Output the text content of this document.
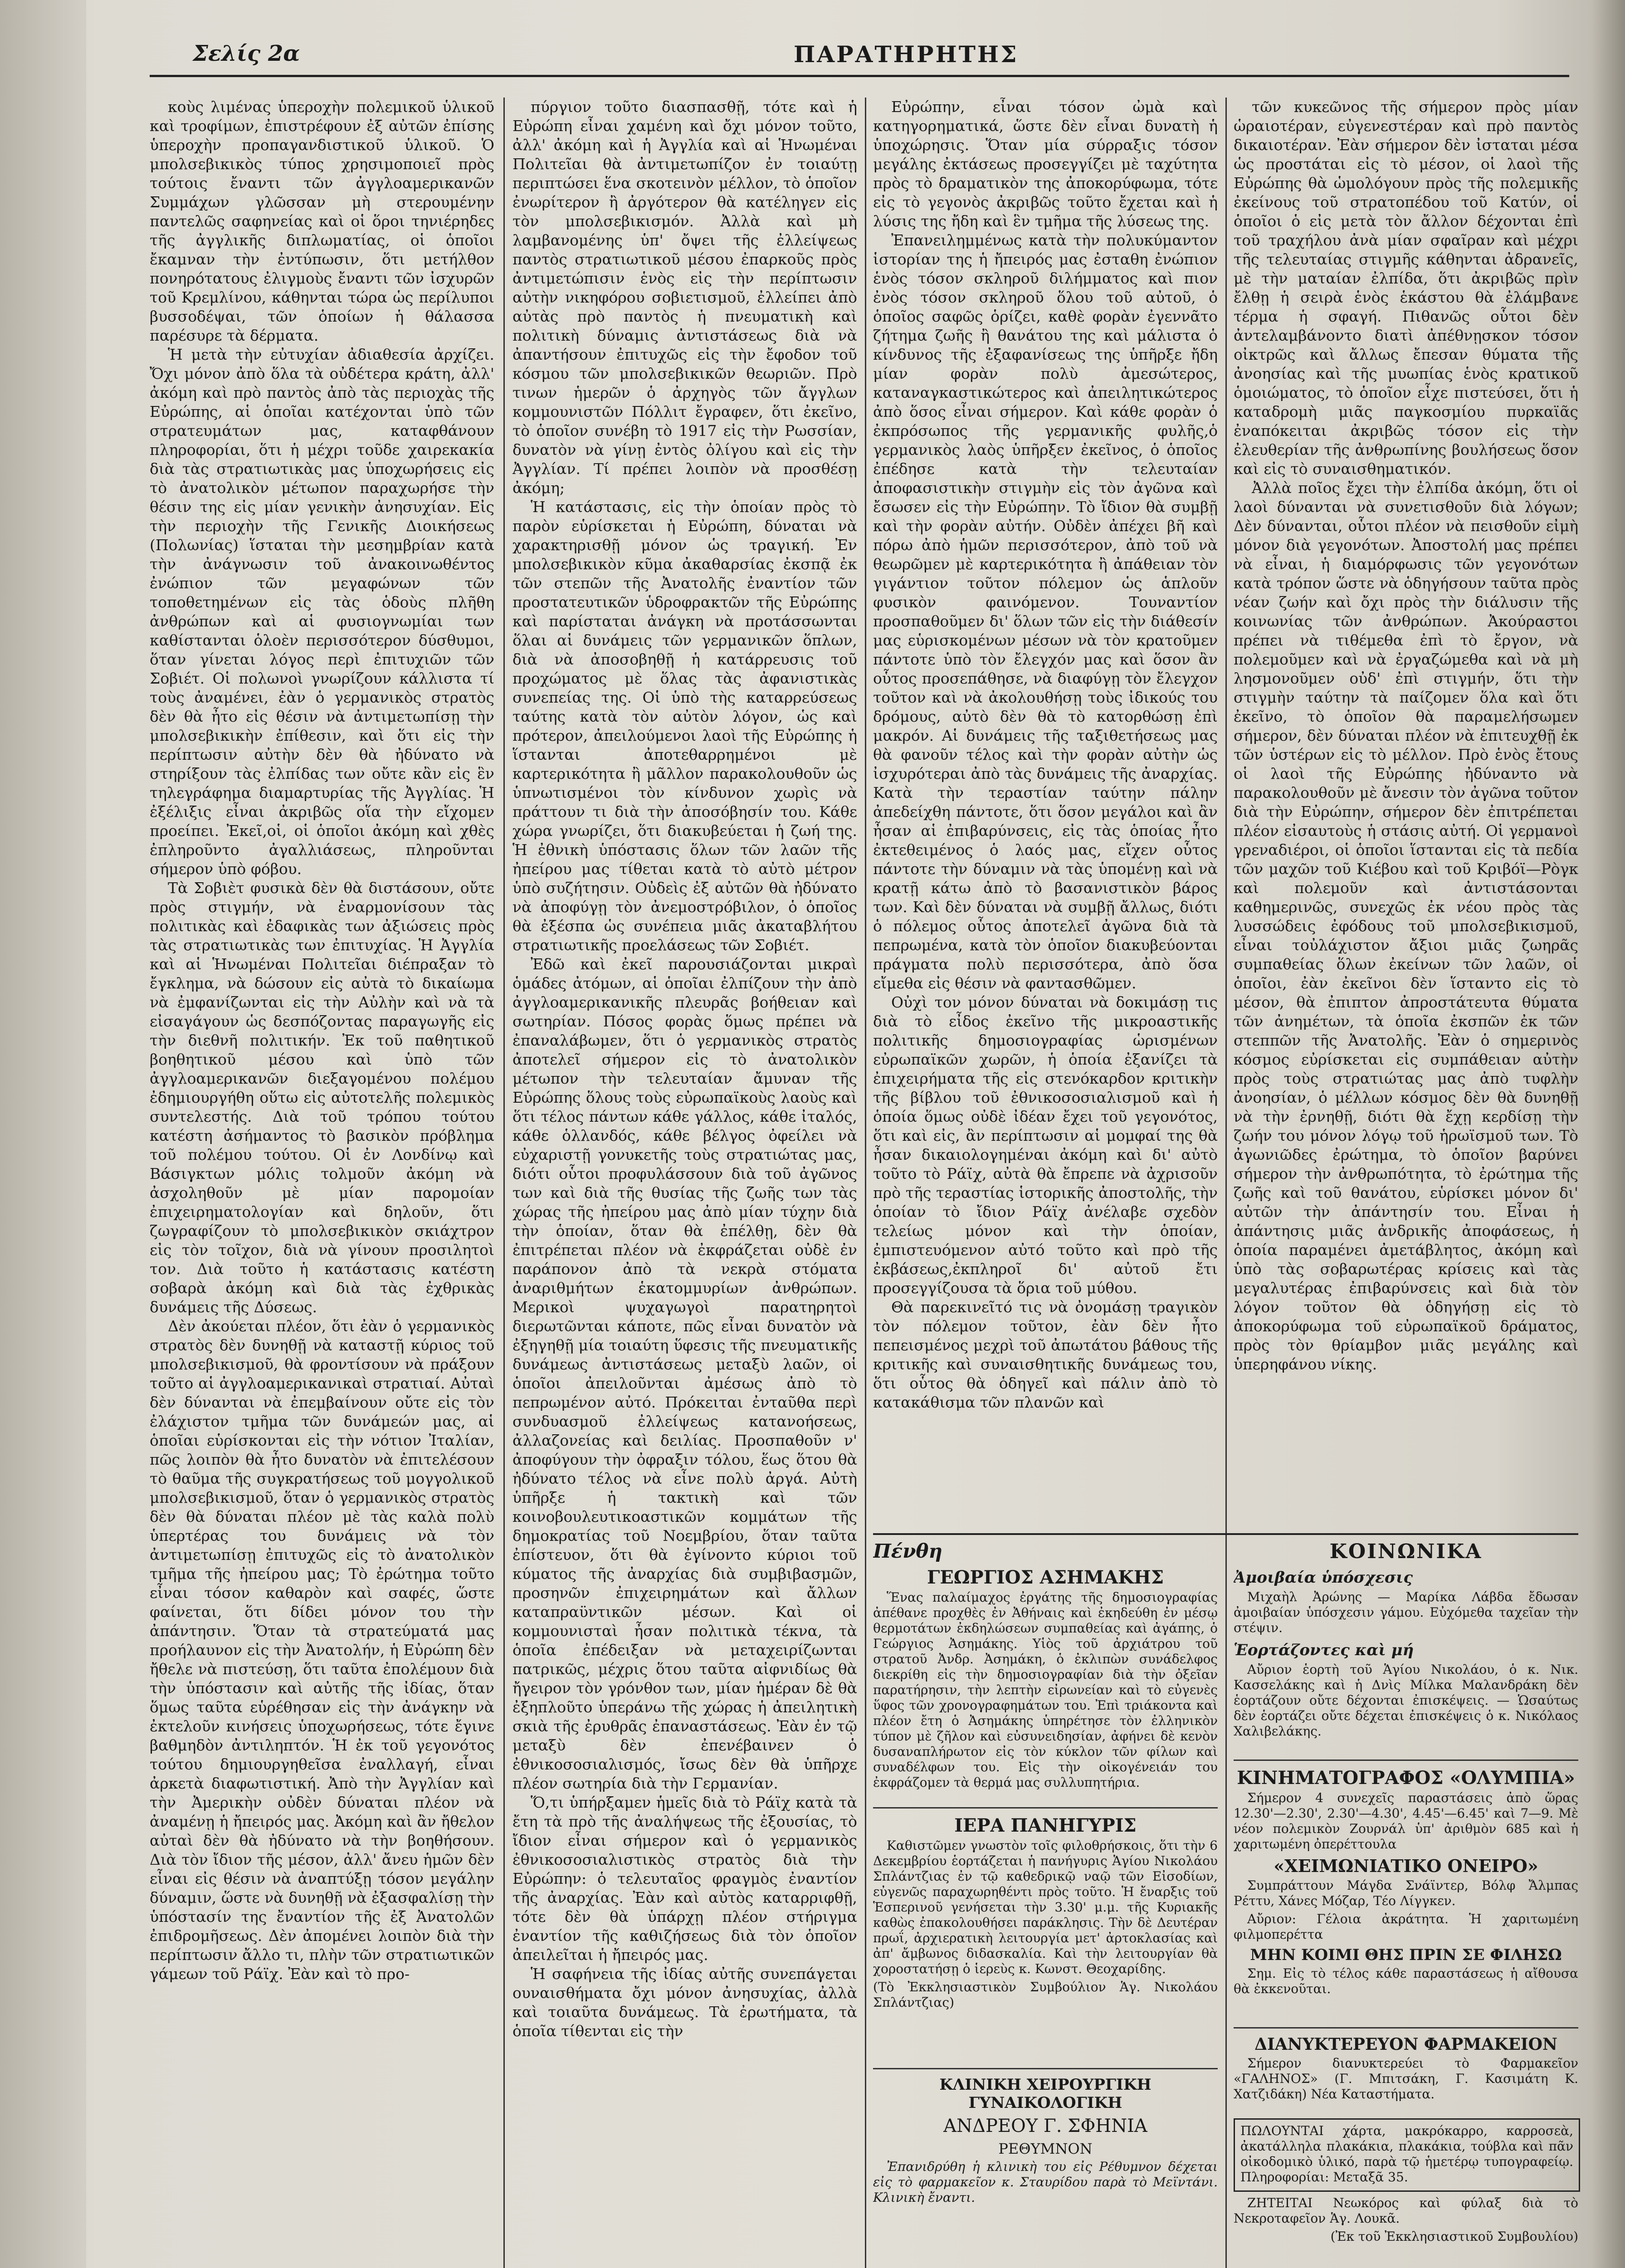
Σελίς 2α	ΠΑΡΑΤΗΡΗΤΗΣ

κοὺς λιμένας ὑπεροχὴν πολεμικοῦ ὑλικοῦ καὶ τροφίμων, ἐπιστρέφουν ἐξ αὐτῶν ἐπίσης ὑπεροχὴν προπαγανδιστικοῦ ὑλικοῦ. Ὁ μπολσεβικικὸς τύπος χρησιμοποιεῖ πρὸς τούτοις ἔναντι τῶν ἀγγλοαμερικανῶν Συμμάχων γλῶσσαν μὴ στερουμένην παντελῶς σαφηνείας καὶ οἱ ὅροι τηνιέρηδες τῆς ἀγγλικῆς διπλωματίας, οἱ ὁποῖοι ἔκαμναν τὴν ἐντύπωσιν, ὅτι μετήλθον πονηρότατους ἐλιγμοὺς ἔναντι τῶν ἰσχυρῶν τοῦ Κρεμλίνου, κάθηνται τώρα ὡς περίλυποι βυσσοδέψαι, τῶν ὁποίων ἡ θάλασσα παρέσυρε τὰ δέρματα.

Ἡ μετὰ τὴν εὐτυχίαν ἀδιαθεσία ἀρχίζει. Ὄχι μόνον ἀπὸ ὅλα τὰ οὐδέτερα κράτη, ἀλλ' ἀκόμη καὶ πρὸ παντὸς ἀπὸ τὰς περιοχὰς τῆς Εὐρώπης, αἱ ὁποῖαι κατέχονται ὑπὸ τῶν στρατευμάτων μας, καταφθάνουν πληροφορίαι, ὅτι ἡ μέχρι τοῦδε χαιρεκακία διὰ τὰς στρατιωτικὰς μας ὑποχωρήσεις εἰς τὸ ἀνατολικὸν μέτωπον παραχωρήσε τὴν θέσιν της εἰς μίαν γενικὴν ἀνησυχίαν. Εἰς τὴν περιοχὴν τῆς Γενικῆς Διοικήσεως (Πολωνίας) ἵσταται τὴν μεσημβρίαν κατὰ τὴν ἀνάγνωσιν τοῦ ἀνακοινωθέντος ἐνώπιον τῶν μεγαφώνων τῶν τοποθετημένων εἰς τὰς ὁδοὺς πλῆθη ἀνθρώπων καὶ αἱ φυσιογνωμίαι των καθίστανται ὁλοὲν περισσότερον δύσθυμοι, ὅταν γίνεται λόγος περὶ ἐπιτυχιῶν τῶν Σοβιέτ. Οἱ πολωνοὶ γνωρίζουν κάλλιστα τί τοὺς ἀναμένει, ἐὰν ὁ γερμανικὸς στρατὸς δὲν θὰ ἦτο εἰς θέσιν νὰ ἀντιμετωπίσῃ τὴν μπολσεβικικὴν ἐπίθεσιν, καὶ ὅτι εἰς τὴν περίπτωσιν αὐτὴν δὲν θὰ ἠδύνατο νὰ στηρίξουν τὰς ἐλπίδας των οὔτε κἂν εἰς ἓν τηλεγράφημα διαμαρτυρίας τῆς Ἀγγλίας. Ἡ ἐξέλιξις εἶναι ἀκριβῶς οἵα τὴν εἴχομεν προείπει. Ἐκεῖ,οἱ, οἱ ὁποῖοι ἀκόμη καὶ χθὲς ἐπληροῦντο ἀγαλλιάσεως, πληροῦνται σήμερον ὑπὸ φόβου.

Τὰ Σοβιὲτ φυσικὰ δὲν θὰ διστάσουν, οὔτε πρὸς στιγμήν, νὰ ἐναρμονίσουν τὰς πολιτικὰς καὶ ἐδαφικὰς των ἀξιώσεις πρὸς τὰς στρατιωτικὰς των ἐπιτυχίας. Ἡ Ἀγγλία καὶ αἱ Ἡνωμέναι Πολιτεῖαι διέπραξαν τὸ ἔγκλημα, νὰ δώσουν εἰς αὐτὰ τὸ δικαίωμα νὰ ἐμφανίζωνται εἰς τὴν Αὐλὴν καὶ νὰ τὰ εἰσαγάγουν ὡς δεσπόζοντας παραγωγῆς εἰς τὴν διεθνῆ πολιτικήν. Ἐκ τοῦ παθητικοῦ βοηθητικοῦ μέσου καὶ ὑπὸ τῶν ἀγγλοαμερικανῶν διεξαγομένου πολέμου ἐδημιουργήθη οὕτω εἰς αὐτοτελῆς πολεμικὸς συντελεστής. Διὰ τοῦ τρόπου τούτου κατέστη ἀσήμαντος τὸ βασικὸν πρόβλημα τοῦ πολέμου τούτου. Οἱ ἐν Λονδίνῳ καὶ Βάσιγκτων μόλις τολμοῦν ἀκόμη νὰ ἀσχοληθοῦν μὲ μίαν παρομοίαν ἐπιχειρηματολογίαν καὶ δηλοῦν, ὅτι ζωγραφίζουν τὸ μπολσεβικικὸν σκιάχτρον εἰς τὸν τοῖχον, διὰ νὰ γίνουν προσιλητοὶ τον. Διὰ τοῦτο ἡ κατάστασις κατέστη σοβαρὰ ἀκόμη καὶ διὰ τὰς ἐχθρικὰς δυνάμεις τῆς Δύσεως.

Δὲν ἀκούεται πλέον, ὅτι ἐὰν ὁ γερμανικὸς στρατὸς δὲν δυνηθῇ νὰ καταστῇ κύριος τοῦ μπολσεβικισμοῦ, θὰ φροντίσουν νὰ πράξουν τοῦτο αἱ ἀγγλοαμερικανικαὶ στρατιαί. Αὐταὶ δὲν δύνανται νὰ ἐπεμβαίνουν οὔτε εἰς τὸν ἐλάχιστον τμῆμα τῶν δυνάμεών μας, αἱ ὁποῖαι εὑρίσκονται εἰς τὴν νότιον Ἰταλίαν, πῶς λοιπὸν θὰ ἦτο δυνατὸν νὰ ἐπιτελέσουν τὸ θαῦμα τῆς συγκρατήσεως τοῦ μογγολικοῦ μπολσεβικισμοῦ, ὅταν ὁ γερμανικὸς στρατὸς δὲν θὰ δύναται πλέον μὲ τὰς καλὰ πολὺ ὑπερτέρας του δυνάμεις νὰ τὸν ἀντιμετωπίσῃ ἐπιτυχῶς εἰς τὸ ἀνατολικὸν τμῆμα τῆς ἠπείρου μας; Τὸ ἐρώτημα τοῦτο εἶναι τόσον καθαρὸν καὶ σαφές, ὥστε φαίνεται, ὅτι δίδει μόνον του τὴν ἀπάντησιν. Ὅταν τὰ στρατεύματά μας προήλαυνον εἰς τὴν Ἀνατολήν, ἡ Εὐρώπη δὲν ἤθελε νὰ πιστεύσῃ, ὅτι ταῦτα ἐπολέμουν διὰ τὴν ὑπόστασιν καὶ αὐτῆς τῆς ἰδίας, ὅταν ὅμως ταῦτα εὑρέθησαν εἰς τὴν ἀνάγκην νὰ ἐκτελοῦν κινήσεις ὑποχωρήσεως, τότε ἔγινε βαθμηδὸν ἀντιληπτόν. Ἡ ἐκ τοῦ γεγονότος τούτου δημιουργηθεῖσα ἐναλλαγή, εἶναι ἀρκετὰ διαφωτιστική. Ἀπὸ τὴν Ἀγγλίαν καὶ τὴν Ἀμερικὴν οὐδὲν δύναται πλέον νὰ ἀναμένῃ ἡ ἤπειρός μας. Ἀκόμη καὶ ἂν ἤθελον αὐταὶ δὲν θὰ ἠδύνατο νὰ τὴν βοηθήσουν. Διὰ τὸν ἴδιον τῆς μέσον, ἀλλ' ἄνευ ἡμῶν δὲν εἶναι εἰς θέσιν νὰ ἀναπτύξῃ τόσον μεγάλην δύναμιν, ὥστε νὰ δυνηθῇ νὰ ἐξασφαλίσῃ τὴν ὑπόστασίν της ἔναντίον τῆς ἐξ Ἀνατολῶν ἐπιδρομῆσεως. Δὲν ἀπομένει λοιπὸν διὰ τὴν περίπτωσιν ἄλλο τι, πλὴν τῶν στρατιωτικῶν γάμεων τοῦ Ράϊχ. Ἐὰν καὶ τὸ προ-

πύργιον τοῦτο διασπασθῇ, τότε καὶ ἡ Εὐρώπη εἶναι χαμένη καὶ ὄχι μόνον τοῦτο, ἀλλ' ἀκόμη καὶ ἡ Ἀγγλία καὶ αἱ Ἡνωμέναι Πολιτεῖαι θὰ ἀντιμετωπίζον ἐν τοιαύτῃ περιπτώσει ἕνα σκοτεινὸν μέλλον, τὸ ὁποῖον ἐνωρίτερον ἢ ἀργότερον θὰ κατέληγεν εἰς τὸν μπολσεβικισμόν. Ἀλλὰ καὶ μὴ λαμβανομένης ὑπ' ὄψει τῆς ἐλλείψεως παντὸς στρατιωτικοῦ μέσου ἐπαρκοῦς πρὸς ἀντιμετώπισιν ἑνὸς εἰς τὴν περίπτωσιν αὐτὴν νικηφόρου σοβιετισμοῦ, ἐλλείπει ἀπὸ αὐτὰς πρὸ παντὸς ἡ πνευματικὴ καὶ πολιτικὴ δύναμις ἀντιστάσεως διὰ νὰ ἀπαντήσουν ἐπιτυχῶς εἰς τὴν ἔφοδον τοῦ κόσμου τῶν μπολσεβικικῶν θεωριῶν. Πρὸ τινων ἡμερῶν ὁ ἀρχηγὸς τῶν ἄγγλων κομμουνιστῶν Πόλλιτ ἔγραφεν, ὅτι ἐκεῖνο, τὸ ὁποῖον συνέβη τὸ 1917 εἰς τὴν Ρωσσίαν, δυνατὸν νὰ γίνῃ ἐντὸς ὀλίγου καὶ εἰς τὴν Ἀγγλίαν. Τί πρέπει λοιπὸν νὰ προσθέσῃ ἀκόμη;

Ἡ κατάστασις, εἰς τὴν ὁποίαν πρὸς τὸ παρὸν εὑρίσκεται ἡ Εὐρώπη, δύναται νὰ χαρακτηρισθῇ μόνον ὡς τραγική. Ἐν μπολσεβικικὸν κῦμα ἀκαθαρσίας ἐκσπᾷ ἐκ τῶν στεπῶν τῆς Ἀνατολῆς ἐναντίον τῶν προστατευτικῶν ὑδροφρακτῶν τῆς Εὐρώπης καὶ παρίσταται ἀνάγκη νὰ προτάσσωνται ὅλαι αἱ δυνάμεις τῶν γερμανικῶν ὅπλων, διὰ νὰ ἀποσοβηθῇ ἡ κατάρρευσις τοῦ προχώματος μὲ ὅλας τὰς ἀφανιστικὰς συνεπείας της. Οἱ ὑπὸ τὴς καταρρεύσεως ταύτης κατὰ τὸν αὐτὸν λόγον, ὡς καὶ πρότερον, ἀπειλούμενοι λαοὶ τῆς Εὐρώπης ἡ ἵστανται ἀποτεθαρρημένοι μὲ καρτερικότητα ἢ μᾶλλον παρακολουθοῦν ὡς ὑπνωτισμένοι τὸν κίνδυνον χωρὶς νὰ πράττουν τι διὰ τὴν ἀποσόβησίν του. Κάθε χώρα γνωρίζει, ὅτι διακυβεύεται ἡ ζωή της. Ἡ ἐθνικὴ ὑπόστασις ὅλων τῶν λαῶν τῆς ἠπείρου μας τίθεται κατὰ τὸ αὐτὸ μέτρον ὑπὸ συζήτησιν. Οὐδεὶς ἐξ αὐτῶν θὰ ἠδύνατο νὰ ἀποφύγῃ τὸν ἀνεμοστρόβιλον, ὁ ὁποῖος θὰ ἐξέσπα ὡς συνέπεια μιᾶς ἀκαταβλήτου στρατιωτικῆς προελάσεως τῶν Σοβιέτ.

Ἐδῶ καὶ ἐκεῖ παρουσιάζονται μικραὶ ὁμάδες ἀτόμων, αἱ ὁποῖαι ἐλπίζουν τὴν ἀπὸ ἀγγλοαμερικανικῆς πλευρᾶς βοήθειαν καὶ σωτηρίαν. Πόσος φορὰς ὅμως πρέπει νὰ ἐπαναλάβωμεν, ὅτι ὁ γερμανικὸς στρατὸς ἀποτελεῖ σήμερον εἰς τὸ ἀνατολικὸν μέτωπον τὴν τελευταίαν ἄμυναν τῆς Εὐρώπης ὅλους τοὺς εὐρωπαϊκοὺς λαοὺς καὶ ὅτι τέλος πάντων κάθε γάλλος, κάθε ἰταλός, κάθε ὁλλανδός, κάθε βέλγος ὀφείλει νὰ εὐχαριστῇ γονυκετῆς τοὺς στρατιώτας μας, διότι οὗτοι προφυλάσσουν διὰ τοῦ ἀγῶνος των καὶ διὰ τῆς θυσίας τῆς ζωῆς των τὰς χώρας τῆς ἠπείρου μας ἀπὸ μίαν τύχην διὰ τὴν ὁποίαν, ὅταν θὰ ἐπέλθῃ, δὲν θὰ ἐπιτρέπεται πλέον νὰ ἐκφράζεται οὐδὲ ἐν παράπονον ἀπὸ τὰ νεκρὰ στόματα ἀναριθμήτων ἑκατομμυρίων ἀνθρώπων. Μερικοὶ ψυχαγωγοὶ παρατηρητοὶ διερωτῶνται κάποτε, πῶς εἶναι δυνατὸν νὰ ἐξηγηθῇ μία τοιαύτη ὕφεσις τῆς πνευματικῆς δυνάμεως ἀντιστάσεως μεταξὺ λαῶν, οἱ ὁποῖοι ἀπειλοῦνται ἀμέσως ἀπὸ τὸ πεπρωμένον αὐτό. Πρόκειται ἐνταῦθα περὶ συνδυασμοῦ ἐλλείψεως κατανοήσεως, ἀλλαζονείας καὶ δειλίας. Προσπαθοῦν ν' ἀποφύγουν τὴν ὀφραξιν τόλου, ἕως ὅτου θὰ ἠδύνατο τέλος νὰ εἶνε πολὺ ἀργά. Αὐτὴ ὑπῆρξε ἡ τακτικὴ καὶ τῶν κοινοβουλευτικοαστικῶν κομμάτων τῆς δημοκρατίας τοῦ Νοεμβρίου, ὅταν ταῦτα ἐπίστευον, ὅτι θὰ ἐγίνοντο κύριοι τοῦ κύματος τῆς ἀναρχίας διὰ συμβιβασμῶν, προσηνῶν ἐπιχειρημάτων καὶ ἄλλων καταπραϋντικῶν μέσων. Καὶ οἱ κομμουνισταὶ ἦσαν πολιτικὰ τέκνα, τὰ ὁποῖα ἐπέδειξαν νὰ μεταχειρίζωνται πατρικῶς, μέχρις ὅτου ταῦτα αἰφνιδίως θὰ ἤγειρον τὸν γρόνθον των, μίαν ἡμέραν δὲ θὰ ἐξηπλοῦτο ὑπεράνω τῆς χώρας ἡ ἀπειλητικὴ σκιὰ τῆς ἐρυθρᾶς ἐπαναστάσεως. Ἐὰν ἐν τῷ μεταξὺ δὲν ἐπενέβαινεν ὁ ἐθνικοσοσιαλισμός, ἴσως δὲν θὰ ὑπῆρχε πλέον σωτηρία διὰ τὴν Γερμανίαν.

Ὅ,τι ὑπήρξαμεν ἡμεῖς διὰ τὸ Ράϊχ κατὰ τὰ ἔτη τὰ πρὸ τῆς ἀναλήψεως τῆς ἐξουσίας, τὸ ἴδιον εἶναι σήμερον καὶ ὁ γερμανικὸς ἐθνικοσοσιαλιστικὸς στρατὸς διὰ τὴν Εὐρώπην: ὁ τελευταῖος φραγμὸς ἐναντίον τῆς ἀναρχίας. Ἐὰν καὶ αὐτὸς καταρριφθῇ, τότε δὲν θὰ ὑπάρχῃ πλέον στήριγμα ἐναντίον τῆς καθιζήσεως διὰ τὸν ὁποῖον ἀπειλεῖται ἡ ἤπειρός μας.

Ἡ σαφήνεια τῆς ἰδίας αὐτῆς συνεπάγεται ουναισθήματα ὄχι μόνον ἀνησυχίας, ἀλλὰ καὶ τοιαῦτα δυνάμεως. Τὰ ἐρωτήματα, τὰ ὁποῖα τίθενται εἰς τὴν

Εὐρώπην, εἶναι τόσον ὠμὰ καὶ κατηγορηματικά, ὥστε δὲν εἶναι δυνατὴ ἡ ὑποχώρησις. Ὅταν μία σύρραξις τόσον μεγάλης ἐκτάσεως προσεγγίζει μὲ ταχύτητα πρὸς τὸ δραματικὸν της ἀποκορύφωμα, τότε εἰς τὸ γεγονὸς ἀκριβῶς τοῦτο ἔχεται καὶ ἡ λύσις της ἤδη καὶ ἓν τμῆμα τῆς λύσεως της.

Ἐπανειλημμένως κατὰ τὴν πολυκύμαντον ἱστορίαν της ἡ ἤπειρός μας ἐσταθη ἐνώπιον ἑνὸς τόσον σκληροῦ διλήμματος καὶ πιον ἐνὸς τόσον σκληροῦ ὅλου τοῦ αὐτοῦ, ὁ ὁποῖος σαφῶς ὁρίζει, καθὲ φορὰν ἐγεννᾶτο ζήτημα ζωῆς ἢ θανάτου της καὶ μάλιστα ὁ κίνδυνος τῆς ἐξαφανίσεως της ὑπῆρξε ἤδη μίαν φορὰν πολὺ ἀμεσώτερος, καταναγκαστικώτερος καὶ ἀπειλητικώτερος ἀπὸ ὅσος εἶναι σήμερον. Καὶ κάθε φορὰν ὁ ἐκπρόσωπος τῆς γερμανικῆς φυλῆς,ὁ γερμανικὸς λαὸς ὑπῆρξεν ἐκεῖνος, ὁ ὁποῖος ἐπέδησε κατὰ τὴν τελευταίαν ἀποφασιστικὴν στιγμὴν εἰς τὸν ἀγῶνα καὶ ἔσωσεν εἰς τὴν Εὐρώπην. Τὸ ἴδιον θὰ συμβῇ καὶ τὴν φορὰν αὐτήν. Οὐδὲν ἀπέχει βῆ καὶ πόρω ἀπὸ ἡμῶν περισσότερον, ἀπὸ τοῦ νὰ θεωρῶμεν μὲ καρτερικότητα ἢ ἀπάθειαν τὸν γιγάντιον τοῦτον πόλεμον ὡς ἁπλοῦν φυσικὸν φαινόμενον. Τουναντίον προσπαθοῦμεν δι' ὅλων τῶν εἰς τὴν διάθεσίν μας εὑρισκομένων μέσων νὰ τὸν κρατοῦμεν πάντοτε ὑπὸ τὸν ἔλεγχόν μας καὶ ὅσον ἂν οὗτος προσεπάθησε, νὰ διαφύγῃ τὸν ἔλεγχον τοῦτον καὶ νὰ ἀκολουθήσῃ τοὺς ἰδικούς του δρόμους, αὐτὸ δὲν θὰ τὸ κατορθώσῃ ἐπὶ μακρόν. Αἱ δυνάμεις τῆς ταξιθετήσεως μας θὰ φανοῦν τέλος καὶ τὴν φορὰν αὐτὴν ὡς ἰσχυρότεραι ἀπὸ τὰς δυνάμεις τῆς ἀναρχίας. Κατὰ τὴν τεραστίαν ταύτην πάλην ἀπεδείχθη πάντοτε, ὅτι ὅσον μεγάλοι καὶ ἂν ἦσαν αἱ ἐπιβαρύνσεις, εἰς τὰς ὁποίας ἦτο ἐκτεθειμένος ὁ λαός μας, εἴχεν οὗτος πάντοτε τὴν δύναμιν νὰ τὰς ὑπομένῃ καὶ νὰ κρατῇ κάτω ἀπὸ τὸ βασανιστικὸν βάρος των. Καὶ δὲν δύναται νὰ συμβῇ ἄλλως, διότι ὁ πόλεμος οὗτος ἀποτελεῖ ἀγῶνα διὰ τὰ πεπρωμένα, κατὰ τὸν ὁποῖον διακυβεύονται πράγματα πολὺ περισσότερα, ἀπὸ ὅσα εἴμεθα εἰς θέσιν νὰ φαντασθῶμεν.

Οὐχὶ τον μόνον δύναται νὰ δοκιμάσῃ τις διὰ τὸ εἶδος ἐκεῖνο τῆς μικροαστικῆς πολιτικῆς δημοσιογραφίας ὡρισμένων εὐρωπαϊκῶν χωρῶν, ἡ ὁποία ἐξανίζει τὰ ἐπιχειρήματα τῆς εἰς στενόκαρδον κριτικὴν τῆς βίβλου τοῦ ἐθνικοσοσιαλισμοῦ καὶ ἡ ὁποία ὅμως οὐδὲ ἰδέαν ἔχει τοῦ γεγονότος, ὅτι καὶ εἰς, ἂν περίπτωσιν αἱ μομφαί της θὰ ἦσαν δικαιολογημέναι ἀκόμη καὶ δι' αὐτὸ τοῦτο τὸ Ράϊχ, αὐτὰ θὰ ἔπρεπε νὰ ἀχρισοῦν πρὸ τῆς τεραστίας ἱστορικῆς ἀποστολῆς, τὴν ὁποίαν τὸ ἴδιον Ράϊχ ἀνέλαβε σχεδὸν τελείως μόνον καὶ τὴν ὁποίαν, ἐμπιστευόμενον αὐτό τοῦτο καὶ πρὸ τῆς ἐκβάσεως,ἐκπληροῖ δι' αὐτοῦ ἔτι προσεγγίζουσα τὰ ὅρια τοῦ μύθου.

Θὰ παρεκινεῖτό τις νὰ ὀνομάσῃ τραγικὸν τὸν πόλεμον τοῦτον, ἐὰν δὲν ἦτο πεπεισμένος μεχρὶ τοῦ ἀπωτάτου βάθους τῆς κριτικῆς καὶ συναισθητικῆς δυνάμεως του, ὅτι οὗτος θὰ ὁδηγεῖ καὶ πάλιν ἀπὸ τὸ κατακάθισμα τῶν πλανῶν καὶ

τῶν κυκεῶνος τῆς σήμερον πρὸς μίαν ὡραιοτέραν, εὐγενεστέραν καὶ πρὸ παντὸς δικαιοτέραν. Ἐὰν σήμερον δὲν ἰσταται μέσα ὡς προστάται εἰς τὸ μέσον, οἱ λαοὶ τῆς Εὐρώπης θὰ ὡμολόγουν πρὸς τῆς πολεμικῆς ἐκείνους τοῦ στρατοπέδου τοῦ Κατύν, οἱ ὁποῖοι ὁ εἰς μετὰ τὸν ἄλλον δέχονται ἐπὶ τοῦ τραχήλου ἀνὰ μίαν σφαῖραν καὶ μέχρι τῆς τελευταίας στιγμῆς κάθηνται ἀδρανεῖς, μὲ τὴν ματαίαν ἐλπίδα, ὅτι ἀκριβῶς πρὶν ἔλθῃ ἡ σειρὰ ἑνὸς ἑκάστου θὰ ἐλάμβανε τέρμα ἡ σφαγή. Πιθανῶς οὗτοι δὲν ἀντελαμβάνοντο διατὶ ἀπέθνῃσκον τόσον οἰκτρῶς καὶ ἄλλως ἔπεσαν θύματα τῆς ἀνοησίας καὶ τῆς μυωπίας ἑνὸς κρατικοῦ ὁμοιώματος, τὸ ὁποῖον εἶχε πιστεύσει, ὅτι ἡ καταδρομὴ μιᾶς παγκοσμίου πυρκαϊᾶς ἐναπόκειται ἀκριβῶς τόσον εἰς τὴν ἐλευθερίαν τῆς ἀνθρωπίνης βουλήσεως ὅσον καὶ εἰς τὸ συναισθηματικόν.

Ἀλλὰ ποῖος ἔχει τὴν ἐλπίδα ἀκόμη, ὅτι οἱ λαοὶ δύνανται νὰ συνετισθοῦν διὰ λόγων; Δὲν δύνανται, οὗτοι πλέον νὰ πεισθοῦν εἰμὴ μόνον διὰ γεγονότων. Ἀποστολή μας πρέπει νὰ εἶναι, ἡ διαμόρφωσις τῶν γεγονότων κατὰ τρόπον ὥστε νὰ ὁδηγήσουν ταῦτα πρὸς νέαν ζωήν καὶ ὄχι πρὸς τὴν διάλυσιν τῆς κοινωνίας τῶν ἀνθρώπων. Ἀκούραστοι πρέπει νὰ τιθέμεθα ἐπὶ τὸ ἔργον, νὰ πολεμοῦμεν καὶ νὰ ἐργαζώμεθα καὶ νὰ μὴ λησμονοῦμεν οὐδ' ἐπὶ στιγμήν, ὅτι τὴν στιγμὴν ταύτην τὰ παίζομεν ὅλα καὶ ὅτι ἐκεῖνο, τὸ ὁποῖον θὰ παραμελήσωμεν σήμερον, δὲν δύναται πλέον νὰ ἐπιτευχθῇ ἐκ τῶν ὑστέρων εἰς τὸ μέλλον. Πρὸ ἑνὸς ἔτους οἱ λαοὶ τῆς Εὐρώπης ἠδύναντο νὰ παρακολουθοῦν μὲ ἄνεσιν τὸν ἀγῶνα τοῦτον διὰ τὴν Εὐρώπην, σήμερον δὲν ἐπιτρέπεται πλέον εἰσαυτοὺς ἡ στάσις αὐτή. Οἱ γερμανοὶ γρεναδιέροι, οἱ ὁποῖοι ἵστανται εἰς τὰ πεδία τῶν μαχῶν τοῦ Κιέβου καὶ τοῦ Κριβόϊ—Ρὸγκ καὶ πολεμοῦν καὶ ἀντιστάσονται καθημερινῶς, συνεχῶς ἐκ νέου πρὸς τὰς λυσσώδεις ἐφόδους τοῦ μπολσεβικισμοῦ, εἶναι τοὐλάχιστον ἄξιοι μιᾶς ζωηρᾶς συμπαθείας ὅλων ἐκείνων τῶν λαῶν, οἱ ὁποῖοι, ἐὰν ἐκεῖνοι δὲν ἵσταντο εἰς τὸ μέσον, θὰ ἐπιπτον ἀπροστάτευτα θύματα τῶν ἀνημέτων, τὰ ὁποῖα ἐκσπῶν ἐκ τῶν στεππῶν τῆς Ἀνατολῆς. Ἐὰν ὁ σημερινὸς κόσμος εὐρίσκεται εἰς συμπάθειαν αὐτὴν πρὸς τοὺς στρατιώτας μας ἀπὸ τυφλὴν ἀνοησίαν, ὁ μέλλων κόσμος δὲν θὰ δυνηθῇ νὰ τὴν ἐρνηθῇ, διότι θὰ ἔχῃ κερδίσῃ τὴν ζωήν του μόνον λόγῳ τοῦ ἡρωϊσμοῦ των. Τὸ ἀγωνιῶδες ἐρώτημα, τὸ ὁποῖον βαρύνει σήμερον τὴν ἀνθρωπότητα, τὸ ἐρώτημα τῆς ζωῆς καὶ τοῦ θανάτου, εὑρίσκει μόνον δι' αὐτῶν τὴν ἀπάντησίν του. Εἶναι ἡ ἀπάντησις μιᾶς ἀνδρικῆς ἀποφάσεως, ἡ ὁποία παραμένει ἀμετάβλητος, ἀκόμη καὶ ὑπὸ τὰς σοβαρωτέρας κρίσεις καὶ τὰς μεγαλυτέρας ἐπιβαρύνσεις καὶ διὰ τὸν λόγον τοῦτον θὰ ὁδηγήσῃ εἰς τὸ ἀποκορύφωμα τοῦ εὐρωπαϊκοῦ δράματος, πρὸς τὸν θρίαμβον μιᾶς μεγάλης καὶ ὑπερηφάνου νίκης.

Πένθη
ΓΕΩΡΓΙΟΣ ΑΣΗΜΑΚΗΣ

Ἕνας παλαίμαχος ἐργάτης τῆς δημοσιογραφίας ἀπέθανε προχθὲς ἐν Ἀθήναις καὶ ἐκηδεύθη ἐν μέσῳ θερμοτάτων ἐκδηλώσεων συμπαθείας καὶ ἀγάπης, ὁ Γεώργιος Ἀσημάκης. Υἱὸς τοῦ ἀρχιάτρου τοῦ στρατοῦ Ἀνδρ. Ἀσημάκη, ὁ ἐκλιπὼν συνάδελφος διεκρίθη εἰς τὴν δημοσιογραφίαν διὰ τὴν ὀξεῖαν παρατήρησιν, τὴν λεπτὴν εἰρωνείαν καὶ τὸ εὐγενὲς ὕφος τῶν χρονογραφημάτων του. Ἐπὶ τριάκοντα καὶ πλέον ἔτη ὁ Ἀσημάκης ὑπηρέτησε τὸν ἐλληνικὸν τύπον μὲ ζῆλον καὶ εὐσυνειδησίαν, ἀφήνει δὲ κενὸν δυσαναπλήρωτον εἰς τὸν κύκλον τῶν φίλων καὶ συναδέλφων του. Εἰς τὴν οἰκογένειάν του ἐκφράζομεν τὰ θερμά μας συλλυπητήρια.

ΙΕΡΑ ΠΑΝΗΓΥΡΙΣ

Καθιστῶμεν γνωστὸν τοῖς φιλοθρήσκοις, ὅτι τὴν 6 Δεκεμβρίου ἑορτάζεται ἡ πανήγυρις Ἁγίου Νικολάου Σπλάντζιας ἐν τῷ καθεδρικῷ ναῷ τῶν Εἰσοδίων, εὐγενῶς παραχωρηθέντι πρὸς τοῦτο. Ἡ ἔναρξις τοῦ Ἑσπερινοῦ γενήσεται τὴν 3.30' μ.μ. τῆς Κυριακῆς καθὼς ἐπακολουθήσει παράκλησις. Τὴν δὲ Δευτέραν πρωΐ, ἀρχιερατικὴ λειτουργία μετ' ἀρτοκλασίας καὶ ἀπ' ἄμβωνος διδασκαλία. Καὶ τὴν λειτουργίαν θὰ χοροστατήσῃ ὁ ἱερεὺς κ. Κωνστ. Θεοχαρίδης.

(Τὸ Ἐκκλησιαστικὸν Συμβούλιον Ἁγ. Νικολάου Σπλάντζιας)
ΚΛΙΝΙΚΗ ΧΕΙΡΟΥΡΓΙΚΗ ΓΥΝΑΙΚΟΛΟΓΙΚΗ
ΑΝΔΡΕΟΥ Γ. ΣΦΗΝΙΑ
ΡΕΘΥΜΝΟΝ

Ἐπανιδρύθη ἡ κλινικὴ του εἰς Ρέθυμνον δέχεται εἰς τὸ φαρμακεῖον κ. Σταυρίδου παρὰ τὸ Μεϊντάνι. Κλινικὴ ἔναντι.

ΚΟΙΝΩΝΙΚΑ
Ἀμοιβαία ὑπόσχεσις

Μιχαὴλ Ἀρώνης — Μαρίκα Λάβδα ἔδωσαν ἀμοιβαίαν ὑπόσχεσιν γάμου. Εὐχόμεθα ταχεῖαν τὴν στέψιν.

Ἑορτάζοντες καὶ μή

Αὔριον ἑορτὴ τοῦ Ἁγίου Νικολάου, ὁ κ. Νικ. Κασσελάκης καὶ ἡ Δνὶς Μίλκα Μαλανδράκη δὲν ἑορτάζουν οὔτε δέχονται ἐπισκέψεις. — Ὡσαύτως δὲν ἑορτάζει οὔτε δέχεται ἐπισκέψεις ὁ κ. Νικόλαος Χαλιβελάκης.

ΚΙΝΗΜΑΤΟΓΡΑΦΟΣ «ΟΛΥΜΠΙΑ»

Σήμερον 4 συνεχεῖς παραστάσεις ἀπὸ ὥρας 12.30'—2.30', 2.30'—4.30', 4.45'—6.45' καὶ 7—9. Μὲ νέον πολεμικὸν Ζουρνάλ ὑπ' ἀριθμὸν 685 καὶ ἡ χαριτωμένη ὀπερέττουλα

«ΧΕΙΜΩΝΙΑΤΙΚΟ ΟΝΕΙΡΟ»

Συμπράττουν Μάγδα Σνάϊντερ, Βόλφ Ἄλμπας Ρέττυ, Χάνες Μόζαρ, Τέο Λίγγκεν.

Αὔριον: Γέλοια ἀκράτητα. Ἡ χαριτωμένη φιλμοπερέττα

ΜΗΝ ΚΟΙΜΙ ΘΗΣ ΠΡΙΝ ΣΕ ΦΙΛΗΣΩ

Σημ. Εἰς τὸ τέλος κάθε παραστάσεως ἡ αἴθουσα θὰ ἐκκενοῦται.

ΔΙΑΝΥΚΤΕΡΕΥΟΝ ΦΑΡΜΑΚΕΙΟΝ

Σήμερον διανυκτερεύει τὸ Φαρμακεῖον «ΓΑΛΗΝΟΣ» (Γ. Μπιτσάκη, Γ. Κασιμάτη Κ. Χατζιδάκη) Νέα Καταστήματα.

ΠΩΛΟΥΝΤΑΙ χάρτα, μακρόκαρρο, καρροσεὰ, ἀκατάλληλα πλακάκια, πλακάκια, τούβλα καὶ πᾶν οἰκοδομικὸ ὑλικό, παρὰ τῷ ἡμετέρῳ τυπογραφείῳ. Πληροφορίαι: Μεταξᾶ 35.

ΖΗΤΕΙΤΑΙ Νεωκόρος καὶ φύλαξ διὰ τὸ Νεκροταφεῖον Ἁγ. Λουκᾶ.

(Ἐκ τοῦ Ἐκκλησιαστικοῦ Συμβουλίου)
